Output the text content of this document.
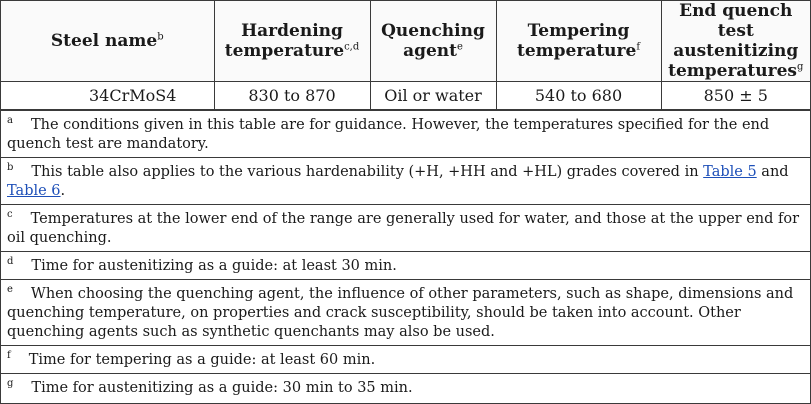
Steel name$^b$	Hardening temperature$^{c,d}$	Quenching agent$^e$	Tempering temperature$^f$	End quench test austenitizing temperatures$^g$
34CrMoS4	830 to 870	Oil or water	540 to 680	850 ± 5
$^a$ The conditions given in this table are for guidance. However, the temperatures specified for the end quench test are mandatory.
$^b$ This table also applies to the various hardenability (+H, +HH and +HL) grades covered in Table 5 and Table 6.
$^c$ Temperatures at the lower end of the range are generally used for water, and those at the upper end for oil quenching.
$^d$ Time for austenitizing as a guide: at least 30 min.
$^e$ When choosing the quenching agent, the influence of other parameters, such as shape, dimensions and quenching temperature, on properties and crack susceptibility, should be taken into account. Other quenching agents such as synthetic quenchants may also be used.
$^f$ Time for tempering as a guide: at least 60 min.
$^g$ Time for austenitizing as a guide: 30 min to 35 min.
